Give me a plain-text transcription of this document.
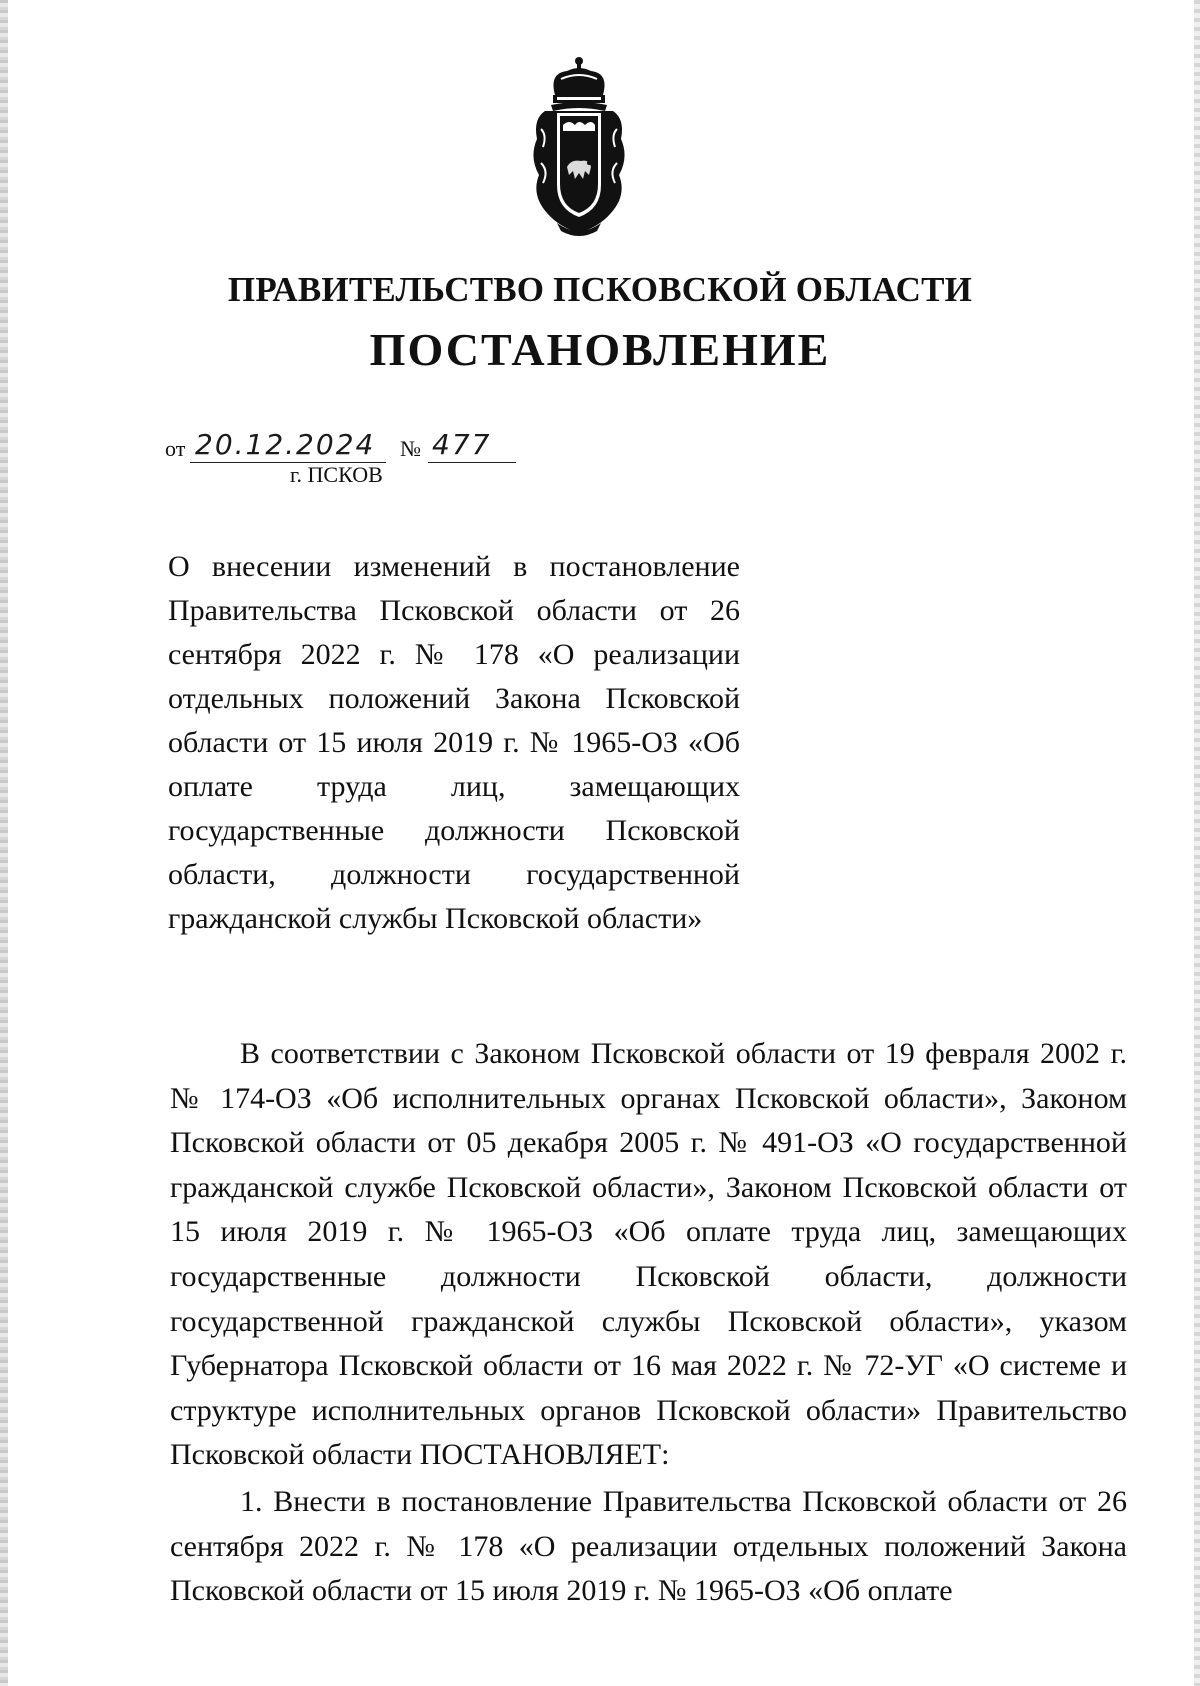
ПРАВИТЕЛЬСТВО ПСКОВСКОЙ ОБЛАСТИ
ПОСТАНОВЛЕНИЕ
от 20.12.2024 № 477
г. ПСКОВ
О внесении изменений в постановление Правительства Псковской области от 26 сентября 2022 г. № 178 «О реализации отдельных положений Закона Псковской области от 15 июля 2019 г. № 1965-ОЗ «Об оплате труда лиц, замещающих государственные должности Псковской области, должности государственной гражданской службы Псковской области»

В соответствии с Законом Псковской области от 19 февраля 2002 г. № 174-ОЗ «Об исполнительных органах Псковской области», Законом Псковской области от 05 декабря 2005 г. № 491-ОЗ «О государственной гражданской службе Псковской области», Законом Псковской области от 15 июля 2019 г. № 1965-ОЗ «Об оплате труда лиц, замещающих государственные должности Псковской области, должности государственной гражданской службы Псковской области», указом Губернатора Псковской области от 16 мая 2022 г. № 72-УГ «О системе и структуре исполнительных органов Псковской области» Правительство Псковской области ПОСТАНОВЛЯЕТ:

1. Внести в постановление Правительства Псковской области от 26 сентября 2022 г. № 178 «О реализации отдельных положений Закона Псковской области от 15 июля 2019 г. № 1965-ОЗ «Об оплате
